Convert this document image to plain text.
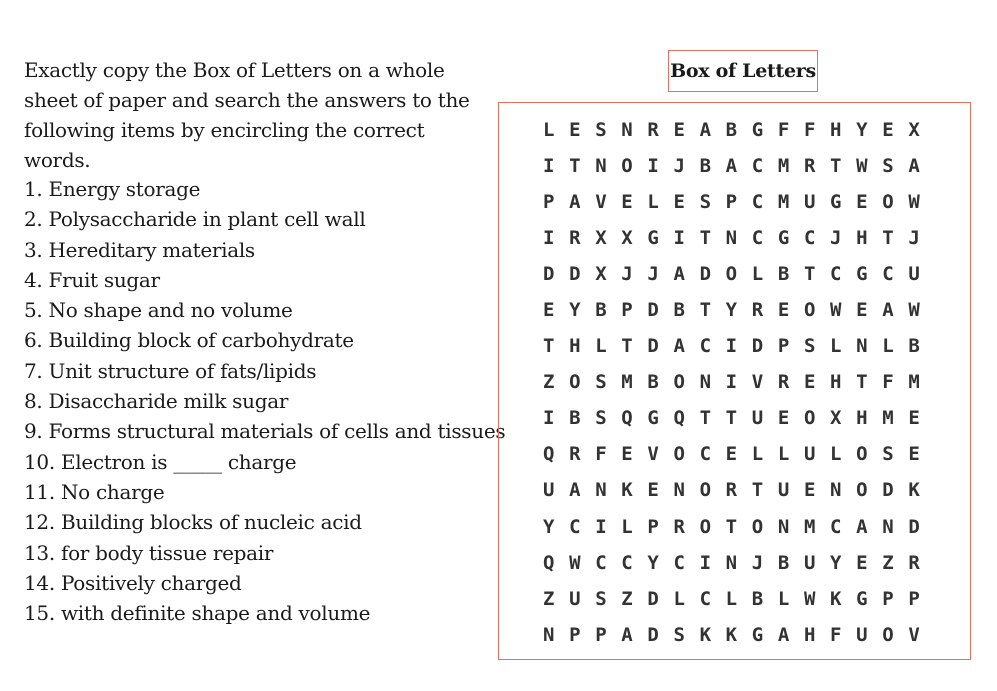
Exactly copy the Box of Letters on a whole sheet of paper and search the answers to the following items by encircling the correct words.
1. Energy storage
2. Polysaccharide in plant cell wall
3. Hereditary materials
4. Fruit sugar
5. No shape and no volume
6. Building block of carbohydrate
7. Unit structure of fats/lipids
8. Disaccharide milk sugar
9. Forms structural materials of cells and tissues
10. Electron is _____ charge
11. No charge
12. Building blocks of nucleic acid
13. for body tissue repair
14. Positively charged
15. with definite shape and volume
Box of Letters
L E S N R E A B G F F H Y E X
I T N O I J B A C M R T W S A
P A V E L E S P C M U G E O W
I R X X G I T N C G C J H T J
D D X J J A D O L B T C G C U
E Y B P D B T Y R E O W E A W
T H L T D A C I D P S L N L B
Z O S M B O N I V R E H T F M
I B S Q G Q T T U E O X H M E
Q R F E V O C E L L U L O S E
U A N K E N O R T U E N O D K
Y C I L P R O T O N M C A N D
Q W C C Y C I N J B U Y E Z R
Z U S Z D L C L B L W K G P P
N P P A D S K K G A H F U O V
